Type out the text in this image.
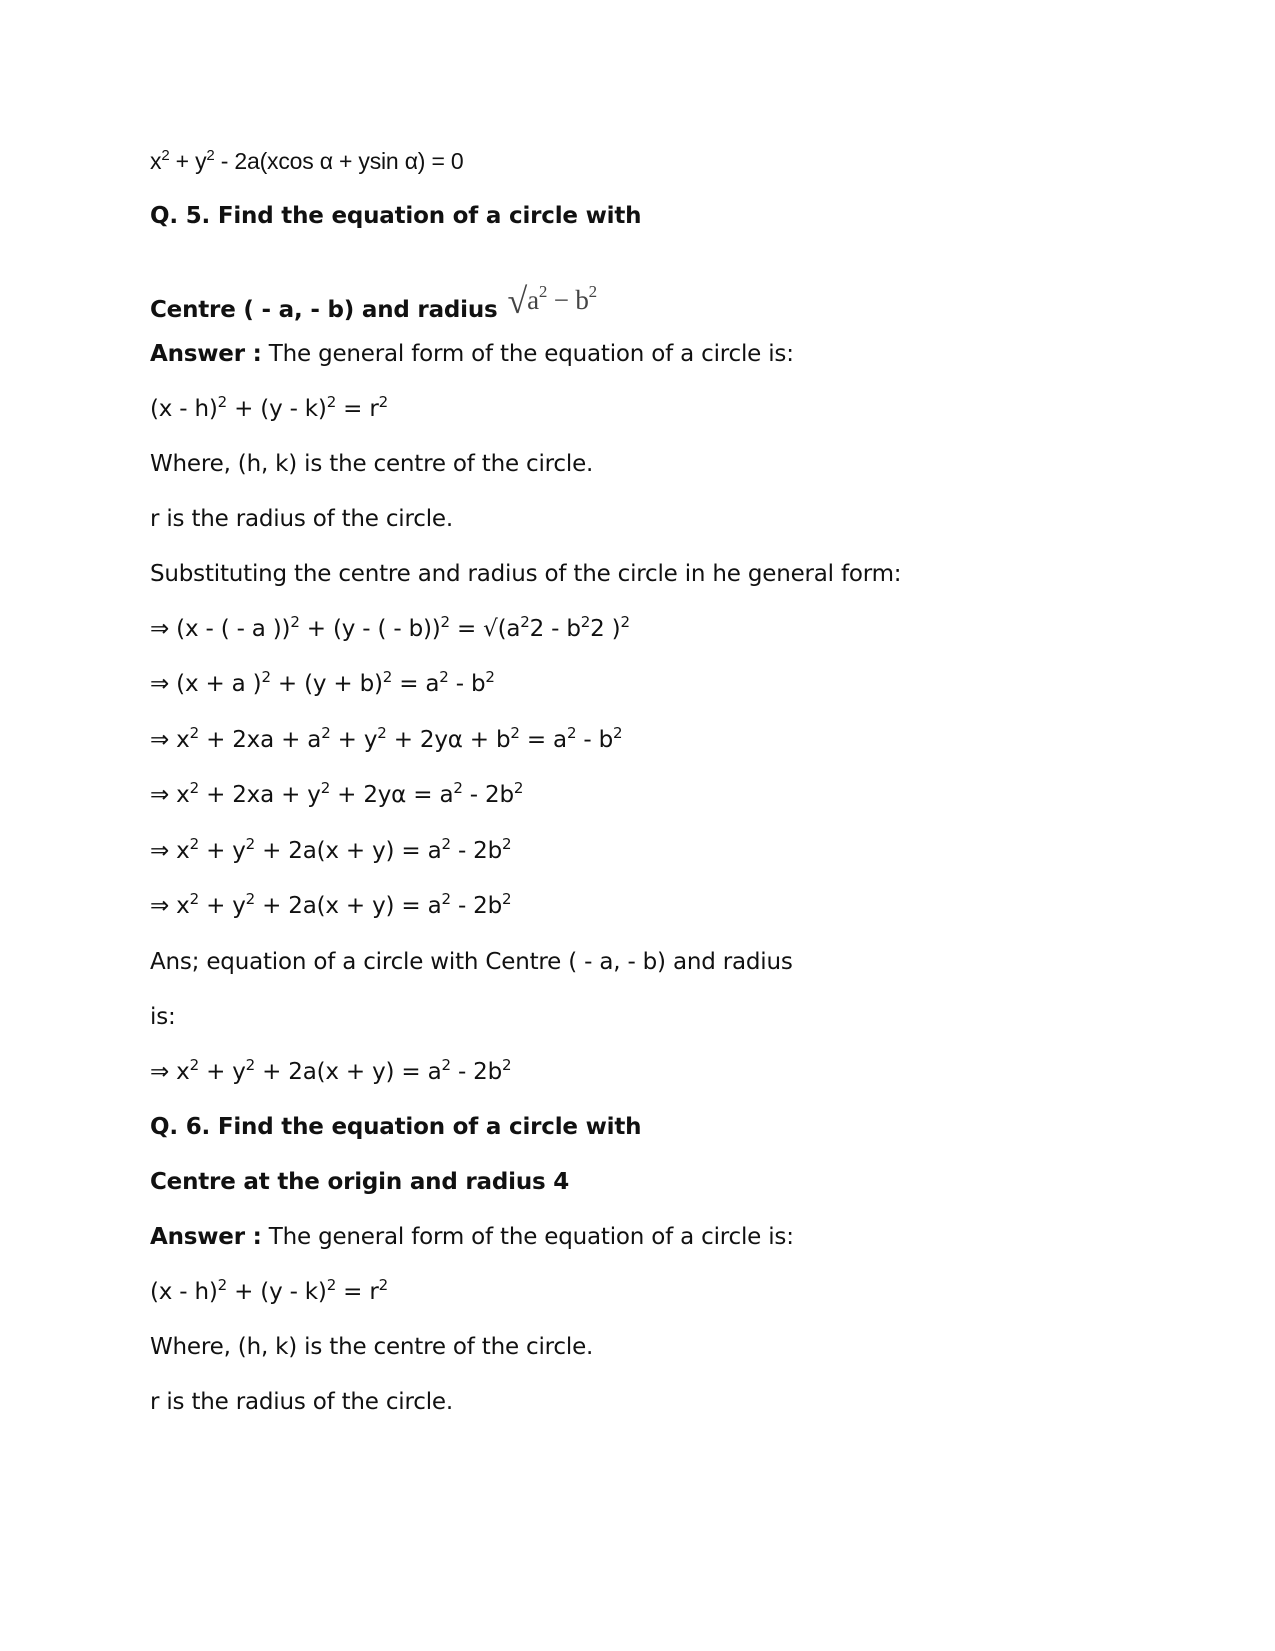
$x^2 + y^2 - 2a(xcos$ α + ysin α) = 0
Q. 5. Find the equation of a circle with
Centre ( - a, - b) and radius $√a^2 - b^2$
Answer : The general form of the equation of a circle is:
$(x - h)^2 + (y - k)^2 = r^2$
Where, (h, k) is the centre of the circle.
r is the radius of the circle.
Substituting the centre and radius of the circle in he general form:
⇒ (x - ( - a ))$^2$ + (y - ( - $b))^2 = √(a^22 - b^22$ )$^2$
⇒ (x + a )$^2 + (y + b)^2 = a^2 - b^2$
⇒ $x^2 + 2xa + a^2 + y^2 + 2y\alpha + b^2 = a^2 - b^2$
⇒ $x^2 + 2xa + y^2 + 2y\alpha = a^2 - 2b^2$
⇒ $x^2 + y^2 + 2a(x + y) = a^2 - 2b^2$
⇒ $x^2 + y^2 + 2a(x + y) = a^2 - 2b^2$
Ans; equation of a circle with Centre ( - a, - b) and radius
is:
⇒ $x^2 + y^2 + 2a(x + y) = a^2 - 2b^2$
Q. 6. Find the equation of a circle with
Centre at the origin and radius 4
Answer : The general form of the equation of a circle is:
$(x - h)^2 + (y - k)^2 = r^2$
Where, (h, k) is the centre of the circle.
r is the radius of the circle.
